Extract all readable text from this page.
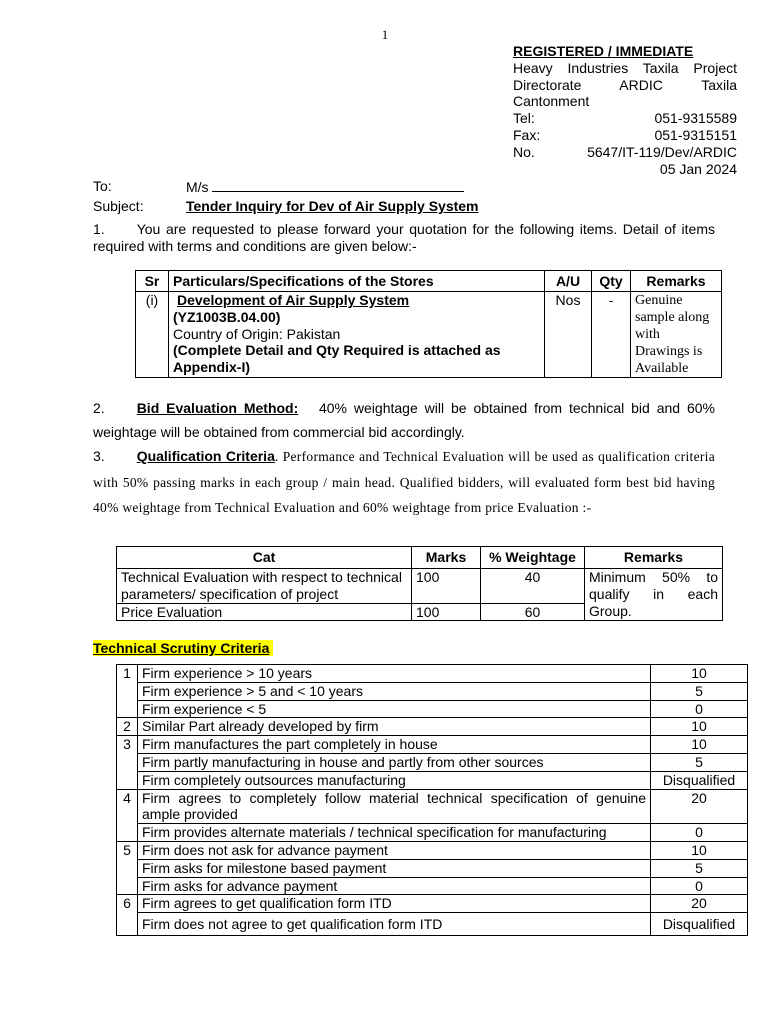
1
REGISTERED / IMMEDIATE
Heavy Industries Taxila Project
Directorate ARDIC Taxila
Cantonment
Tel:	051-9315589
Fax:	051-9315151
No.	5647/IT-119/Dev/ARDIC
05 Jan 2024
To:	M/s
Subject:	Tender Inquiry for Dev of Air Supply System
1. You are requested to please forward your quotation for the following items. Detail of items required with terms and conditions are given below:-
Sr	Particulars/Specifications of the Stores	A/U	Qty	Remarks
(i)	Development of Air Supply System
(YZ1003B.04.00)
Country of Origin: Pakistan
(Complete Detail and Qty Required is attached as Appendix-I)	Nos	-	Genuine sample along with Drawings is Available
2. Bid Evaluation Method: 40% weightage will be obtained from technical bid and 60% weightage will be obtained from commercial bid accordingly.
3. Qualification Criteria. Performance and Technical Evaluation will be used as qualification criteria with 50% passing marks in each group / main head. Qualified bidders, will evaluated form best bid having 40% weightage from Technical Evaluation and 60% weightage from price Evaluation :-
Cat	Marks	% Weightage	Remarks
Technical Evaluation with respect to technical parameters/ specification of project	100	40	Minimum 50% to qualify in each Group.
Price Evaluation	100	60	
Technical Scrutiny Criteria
1	Firm experience > 10 years	10
	Firm experience > 5 and < 10 years	5
	Firm experience < 5	0
2	Similar Part already developed by firm	10
3	Firm manufactures the part completely in house	10
	Firm partly manufacturing in house and partly from other sources	5
	Firm completely outsources manufacturing	Disqualified
4	Firm agrees to completely follow material technical specification of genuine ample provided	20
	Firm provides alternate materials / technical specification for manufacturing	0
5	Firm does not ask for advance payment	10
	Firm asks for milestone based payment	5
	Firm asks for advance payment	0
6	Firm agrees to get qualification form ITD	20
	Firm does not agree to get qualification form ITD	Disqualified
